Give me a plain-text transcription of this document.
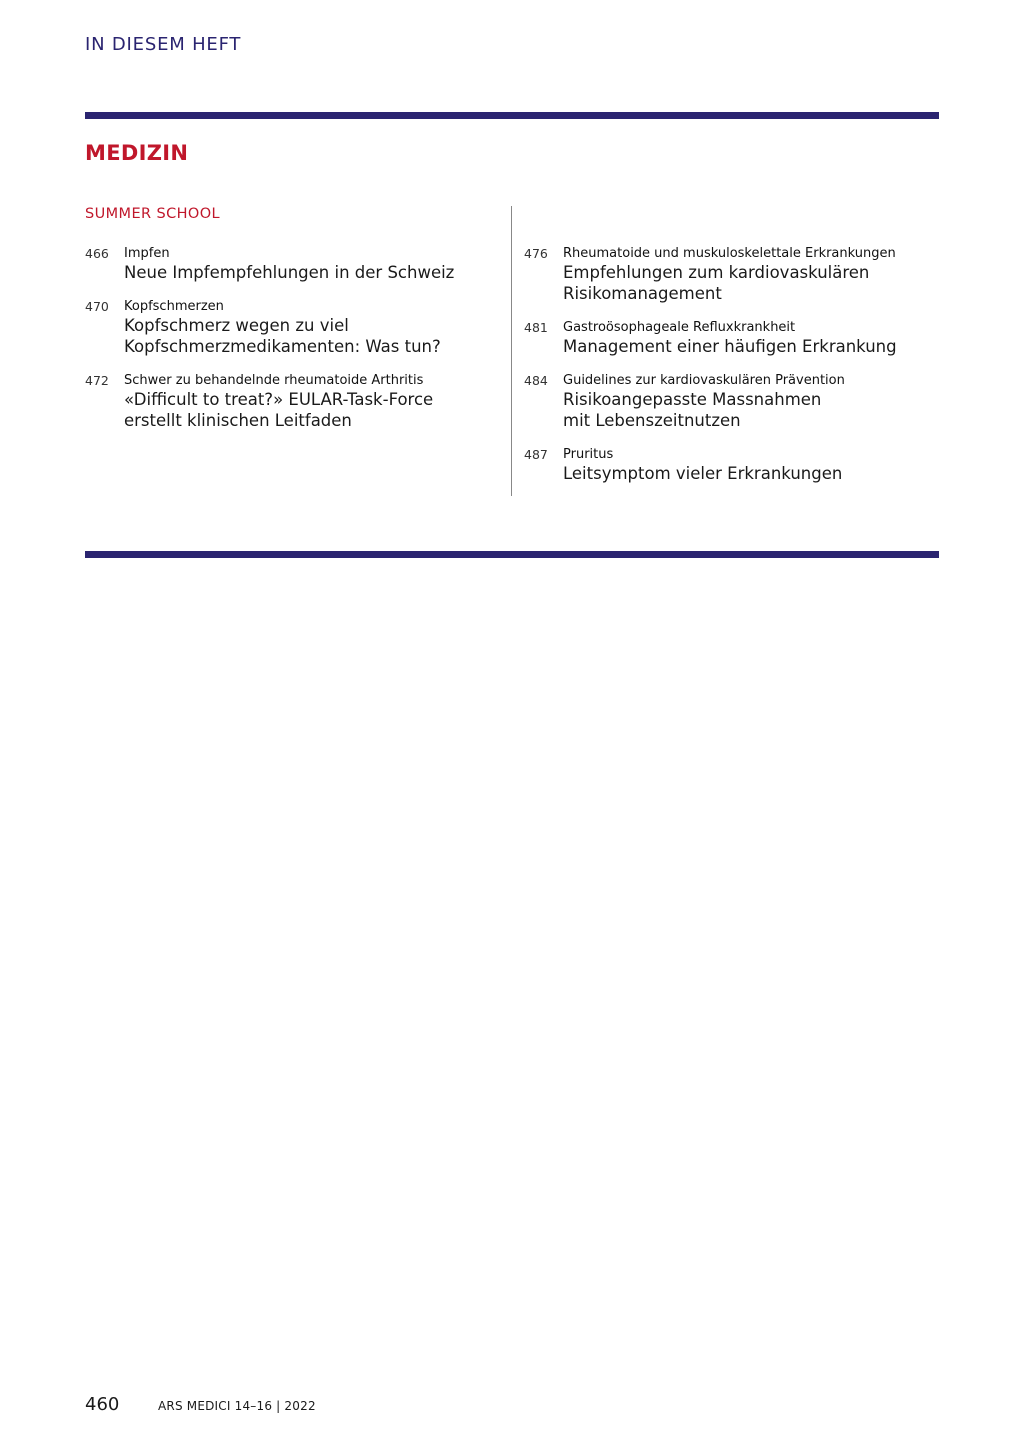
IN DIESEM HEFT
MEDIZIN
SUMMER SCHOOL
466	Impfen
Neue Impfempfehlungen in der Schweiz
470	Kopfschmerzen
Kopfschmerz wegen zu viel
Kopfschmerzmedikamenten: Was tun?
472	Schwer zu behandelnde rheumatoide Arthritis
«Difficult to treat?» EULAR-Task-Force
erstellt klinischen Leitfaden
476	Rheumatoide und muskuloskelettale Erkrankungen
Empfehlungen zum kardiovaskulären
Risikomanagement
481	Gastroösophageale Refluxkrankheit
Management einer häufigen Erkrankung
484	Guidelines zur kardiovaskulären Prävention
Risikoangepasste Massnahmen
mit Lebenszeitnutzen
487	Pruritus
Leitsymptom vieler Erkrankungen
460	ARS MEDICI 14–16 | 2022
